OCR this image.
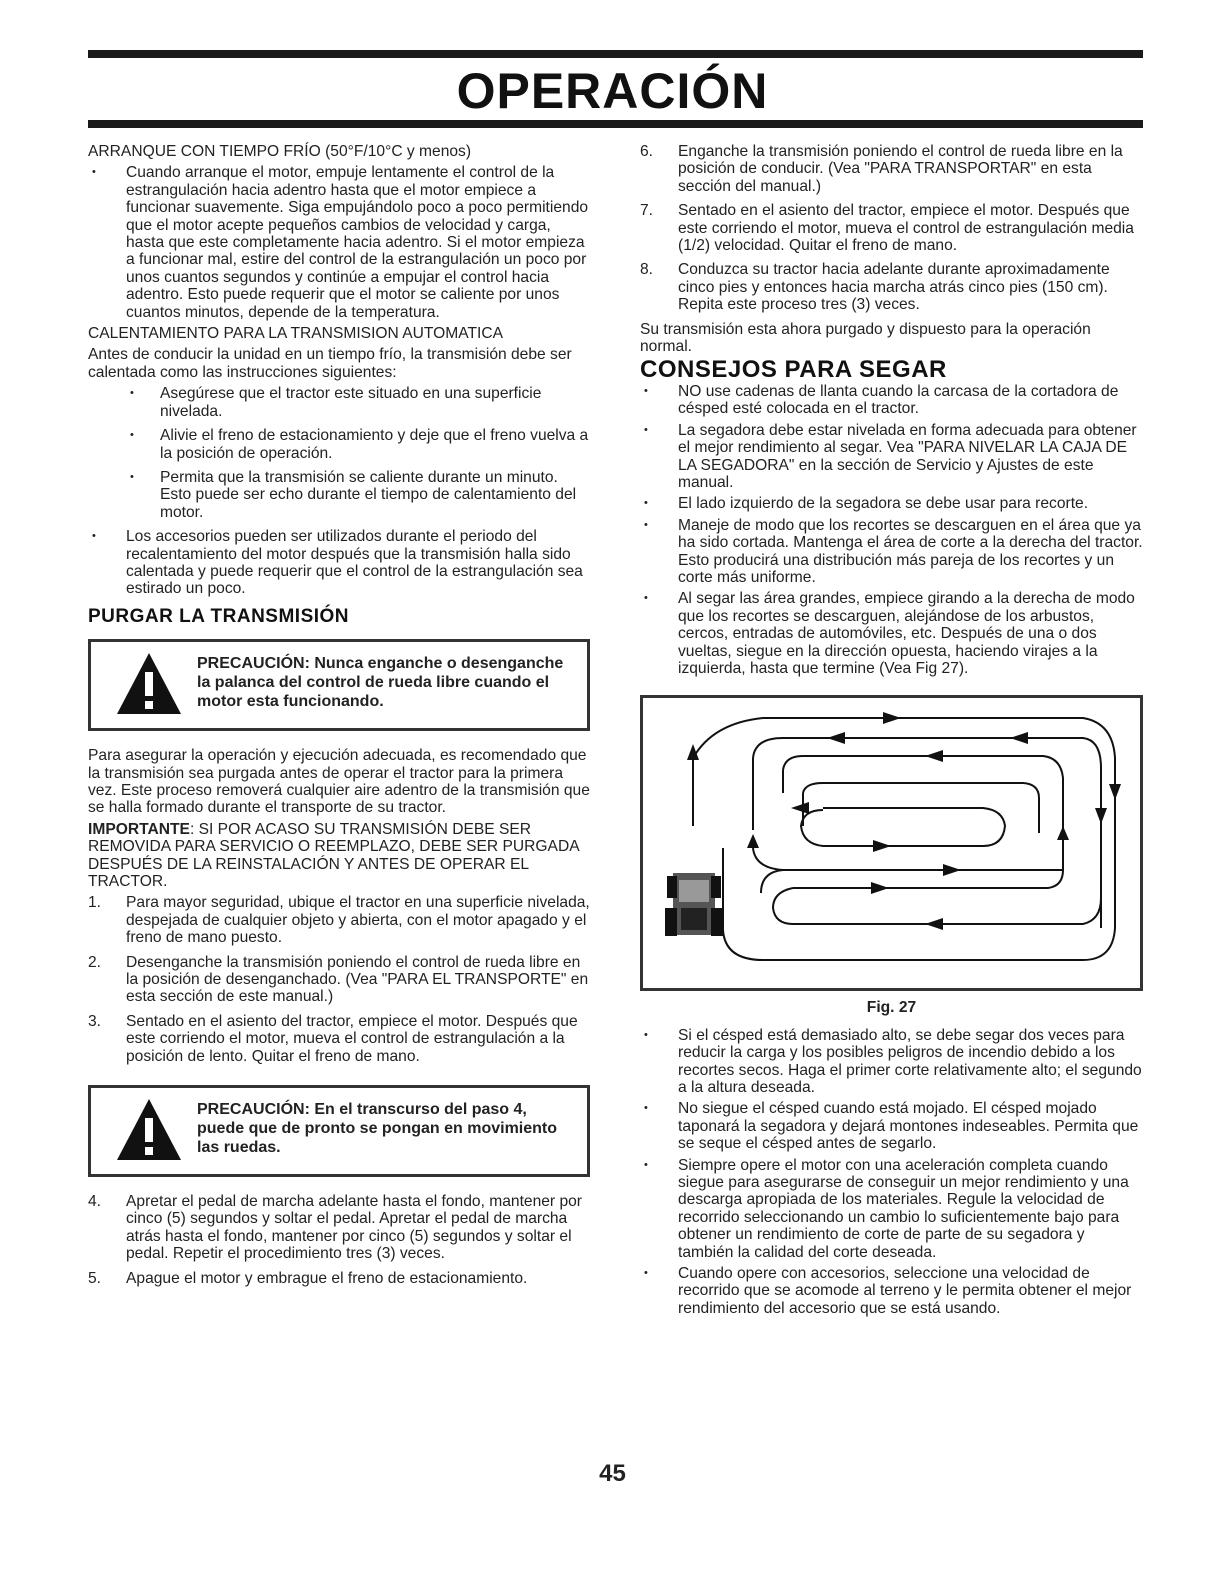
OPERACIÓN

ARRANQUE CON TIEMPO FRÍO (50°F/10°C y menos)

• Cuando arranque el motor, empuje lentamente el control de la estrangulación hacia adentro hasta que el motor empiece a funcionar suavemente. Siga empujándolo poco a poco permitiendo que el motor acepte pequeños cambios de velocidad y carga, hasta que este completamente hacia adentro. Si el motor empieza a funcionar mal, estire del control de la estrangulación un poco por unos cuantos segundos y continúe a empujar el control hacia adentro. Esto puede requerir que el motor se caliente por unos cuantos minutos, depende de la temperatura.

CALENTAMIENTO PARA LA TRANSMISION AUTOMATICA

Antes de conducir la unidad en un tiempo frío, la transmisión debe ser calentada como las instrucciones siguientes:

• Asegúrese que el tractor este situado en una superficie nivelada.
• Alivie el freno de estacionamiento y deje que el freno vuelva a la posición de operación.
• Permita que la transmisión se caliente durante un minuto. Esto puede ser echo durante el tiempo de calentamiento del motor.
• Los accesorios pueden ser utilizados durante el periodo del recalentamiento del motor después que la transmisión halla sido calentada y puede requerir que el control de la estrangulación sea estirado un poco.
PURGAR LA TRANSMISIÓN
PRECAUCIÓN: Nunca enganche o desenganche la palanca del control de rueda libre cuando el motor esta funcionando.

Para asegurar la operación y ejecución adecuada, es recomendado que la transmisión sea purgada antes de operar el tractor para la primera vez. Este proceso removerá cualquier aire adentro de la transmisión que se halla formado durante el transporte de su tractor.

IMPORTANTE: SI POR ACASO SU TRANSMISIÓN DEBE SER REMOVIDA PARA SERVICIO O REEMPLAZO, DEBE SER PURGADA DESPUÉS DE LA REINSTALACIÓN Y ANTES DE OPERAR EL TRACTOR.

1. Para mayor seguridad, ubique el tractor en una superficie nivelada, despejada de cualquier objeto y abierta, con el motor apagado y el freno de mano puesto.
2. Desenganche la transmisión poniendo el control de rueda libre en la posición de desenganchado. (Vea "PARA EL TRANSPORTE" en esta sección de este manual.)
3. Sentado en el asiento del tractor, empiece el motor. Después que este corriendo el motor, mueva el control de estrangulación a la posición de lento. Quitar el freno de mano.
PRECAUCIÓN: En el transcurso del paso 4, puede que de pronto se pongan en movimiento las ruedas.
4. Apretar el pedal de marcha adelante hasta el fondo, mantener por cinco (5) segundos y soltar el pedal. Apretar el pedal de marcha atrás hasta el fondo, mantener por cinco (5) segundos y soltar el pedal. Repetir el procedimiento tres (3) veces.
5. Apague el motor y embrague el freno de estacionamiento.
6. Enganche la transmisión poniendo el control de rueda libre en la posición de conducir. (Vea "PARA TRANSPORTAR" en esta sección del manual.)
7. Sentado en el asiento del tractor, empiece el motor. Después que este corriendo el motor, mueva el control de estrangulación media (1/2) velocidad. Quitar el freno de mano.
8. Conduzca su tractor hacia adelante durante aproximadamente cinco pies y entonces hacia marcha atrás cinco pies (150 cm). Repita este proceso tres (3) veces.

Su transmisión esta ahora purgado y dispuesto para la operación normal.

CONSEJOS PARA SEGAR
• NO use cadenas de llanta cuando la carcasa de la cortadora de césped esté colocada en el tractor.
• La segadora debe estar nivelada en forma adecuada para obtener el mejor rendimiento al segar. Vea "PARA NIVELAR LA CAJA DE LA SEGADORA" en la sección de Servicio y Ajustes de este manual.
• El lado izquierdo de la segadora se debe usar para recorte.
• Maneje de modo que los recortes se descarguen en el área que ya ha sido cortada. Mantenga el área de corte a la derecha del tractor. Esto producirá una distribución más pareja de los recortes y un corte más uniforme.
• Al segar las área grandes, empiece girando a la derecha de modo que los recortes se descarguen, alejándose de los arbustos, cercos, entradas de automóviles, etc. Después de una o dos vueltas, siegue en la dirección opuesta, haciendo virajes a la izquierda, hasta que termine (Vea Fig 27).
Fig. 27
• Si el césped está demasiado alto, se debe segar dos veces para reducir la carga y los posibles peligros de incendio debido a los recortes secos. Haga el primer corte relativamente alto; el segundo a la altura deseada.
• No siegue el césped cuando está mojado. El césped mojado taponará la segadora y dejará montones indeseables. Permita que se seque el césped antes de segarlo.
• Siempre opere el motor con una aceleración completa cuando siegue para asegurarse de conseguir un mejor rendimiento y una descarga apropiada de los materiales. Regule la velocidad de recorrido seleccionando un cambio lo suficientemente bajo para obtener un rendimiento de corte de parte de su segadora y también la calidad del corte deseada.
• Cuando opere con accesorios, seleccione una velocidad de recorrido que se acomode al terreno y le permita obtener el mejor rendimiento del accesorio que se está usando.
45
